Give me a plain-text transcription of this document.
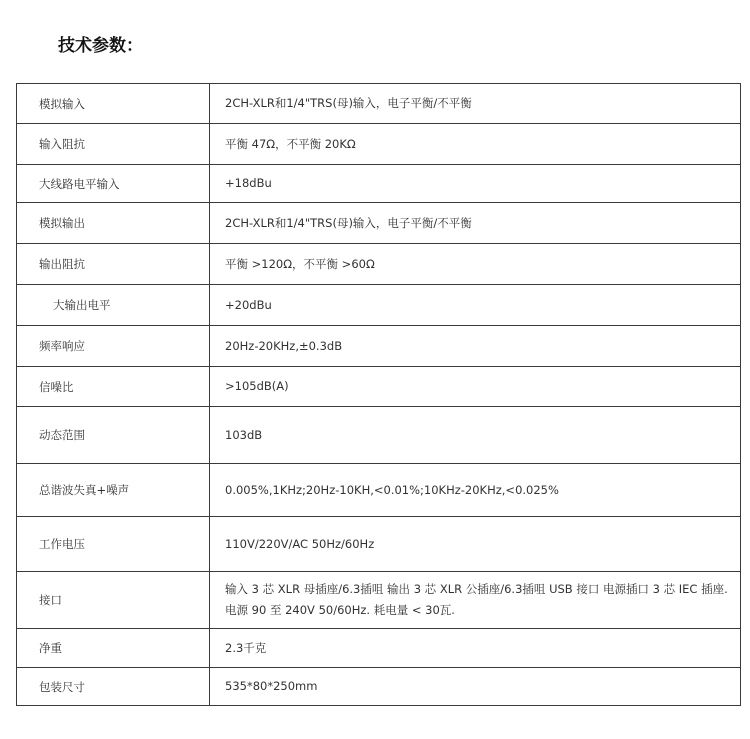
技术参数：
模拟输入	2CH-XLR和1/4"TRS(母)输入，电子平衡/不平衡
输入阻抗	平衡 47Ω，不平衡 20KΩ
大线路电平输入	+18dBu
模拟输出	2CH-XLR和1/4"TRS(母)输入，电子平衡/不平衡
输出阻抗	平衡 >120Ω，不平衡 >60Ω
大输出电平	+20dBu
频率响应	20Hz-20KHz,±0.3dB
信噪比	>105dB(A)
动态范围	103dB
总谐波失真+噪声	0.005%,1KHz;20Hz-10KH,<0.01%;10KHz-20KHz,<0.025%
工作电压	110V/220V/AC 50Hz/60Hz
接口	输入 3 芯 XLR 母插座/6.3插咀 输出 3 芯 XLR 公插座/6.3插咀 USB 接口 电源插口 3 芯 IEC 插座. 电源 90 至 240V 50/60Hz. 耗电量 < 30瓦.
净重	2.3千克
包装尺寸	535*80*250mm
